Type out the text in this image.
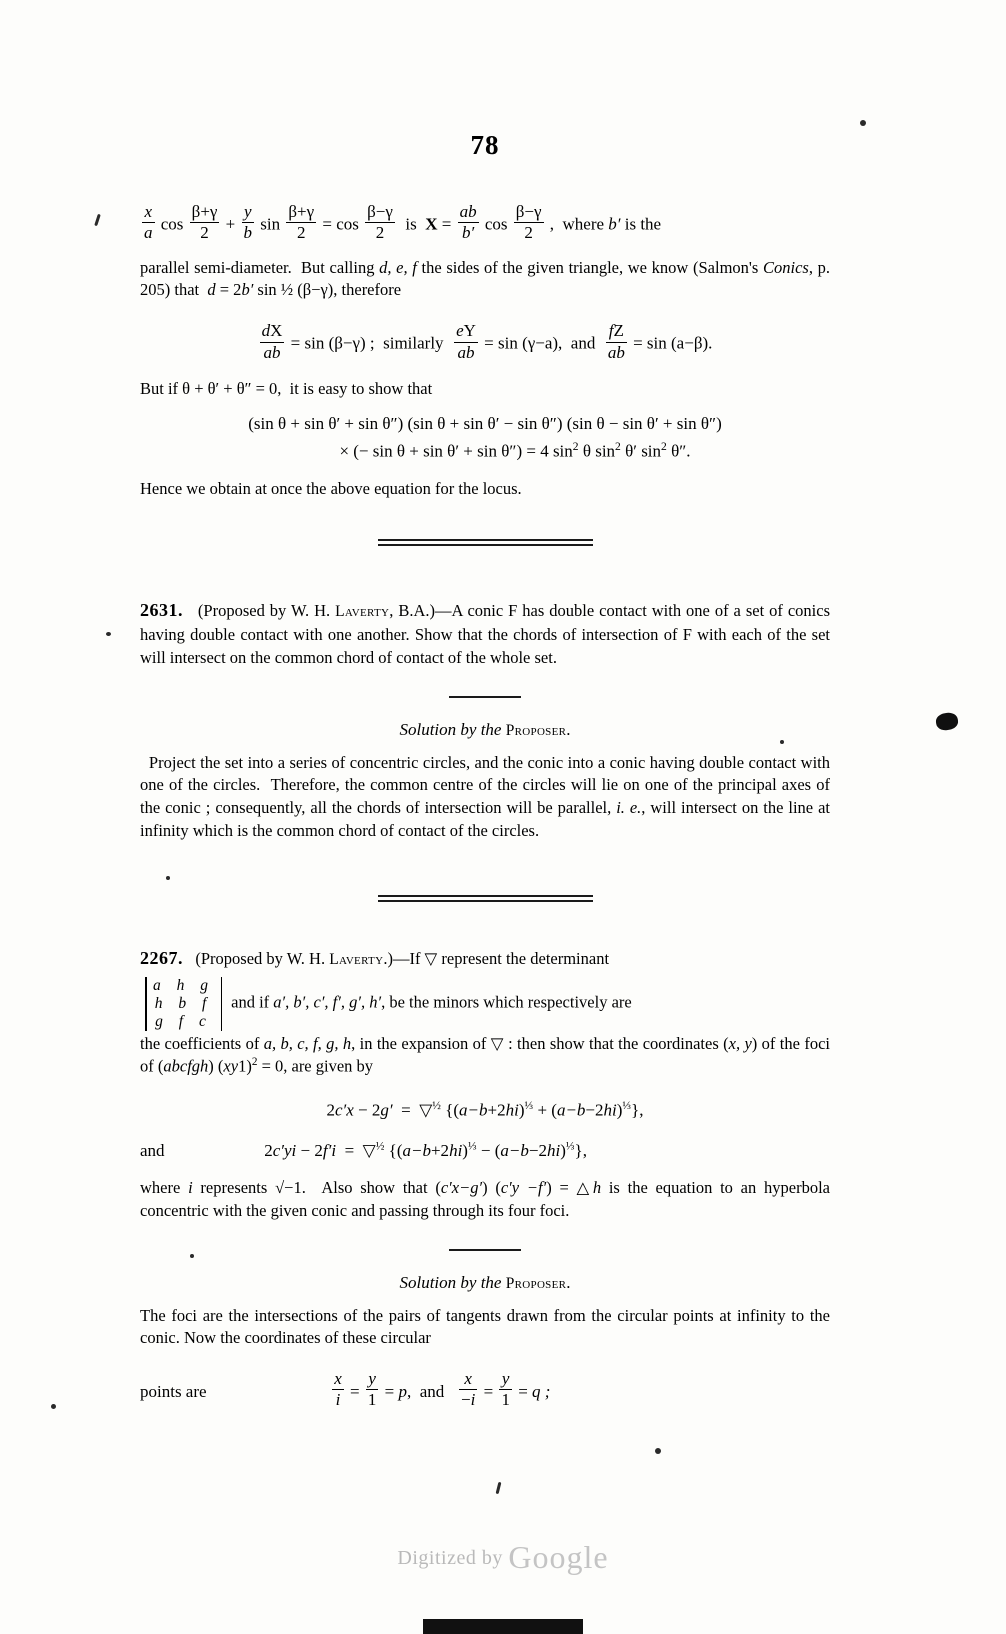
78
$\frac{x}{a}$ $\cos \frac{\beta+\gamma}{2} + \frac{y}{b}$ $\sin \frac{\beta+\gamma}{2} = \cos \frac{\beta-\gamma}{2}$ is  $X = \frac{ab}{b'}$ $\cos \frac{\beta-\gamma}{2}$ ,  where b′ is the
parallel semi-diameter.  But calling d, e, f the sides of the given triangle, we know (Salmon's Conics, p. 205) that  d = 2b′ sin ½ (β−γ), therefore
$\frac{dX}{ab} = \sin (\beta-\gamma)$ ;  similarly $\frac{eY}{ab} = \sin (\gamma-a)$,  and $\frac{fZ}{ab} = \sin (a-\beta)$.
But if θ + θ′ + θ″ = 0,  it is easy to show that
(sin θ + sin θ′ + sin θ″) (sin θ + sin θ′ − sin θ″) (sin θ − sin θ′ + sin θ″)
× (− sin θ + sin θ′ + sin θ″) = 4 $\sin^2 \theta$ $\sin^2 \theta'$ $\sin^2 \theta''$.
Hence we obtain at once the above equation for the locus.
2631. (Proposed by W. H. Laverty, B.A.)—A conic F has double contact with one of a set of conics having double contact with one another. Show that the chords of intersection of F with each of the set will intersect on the common chord of contact of the whole set.
Solution by the Proposer.
Project the set into a series of concentric circles, and the conic into a conic having double contact with one of the circles.  Therefore, the common centre of the circles will lie on one of the principal axes of the conic ; consequently, all the chords of intersection will be parallel, i. e., will intersect on the line at infinity which is the common chord of contact of the circles.
2267. (Proposed by W. H. Laverty.)—If ▽ represent the determinant
a h g
h b f
g f c
and if a′, b′, c′, f′, g′, h′, be the minors which respectively are
the coefficients of a, b, c, f, g, h, in the expansion of ▽ : then show that the coordinates (x, y) of the foci of (abcfgh) $(xy1)^2 = 0$, are given by
2c′x − 2g′  =  ▽$^{\frac{1}{2}}$ $\{(a-b+2hi)^{\frac{1}{3}} + (a-b-2hi)^{\frac{1}{3}}\}$,
and	2c′yi − 2f′i  =  ▽$^{\frac{1}{2}}$ $\{(a-b+2hi)^{\frac{1}{3}} - (a-b-2hi)^{\frac{1}{3}}\}$,
where i represents √−1.  Also show that (c′x−g′) (c′y −f′) = △h is the equation to an hyperbola concentric with the given conic and passing through its four foci.
Solution by the Proposer.
The foci are the intersections of the pairs of tangents drawn from the circular points at infinity to the conic. Now the coordinates of these circular
points are	$\frac{x}{i} = \frac{y}{1} = p$,  and $\frac{x}{-i} = \frac{y}{1} = q$ ;
Digitized by Google
